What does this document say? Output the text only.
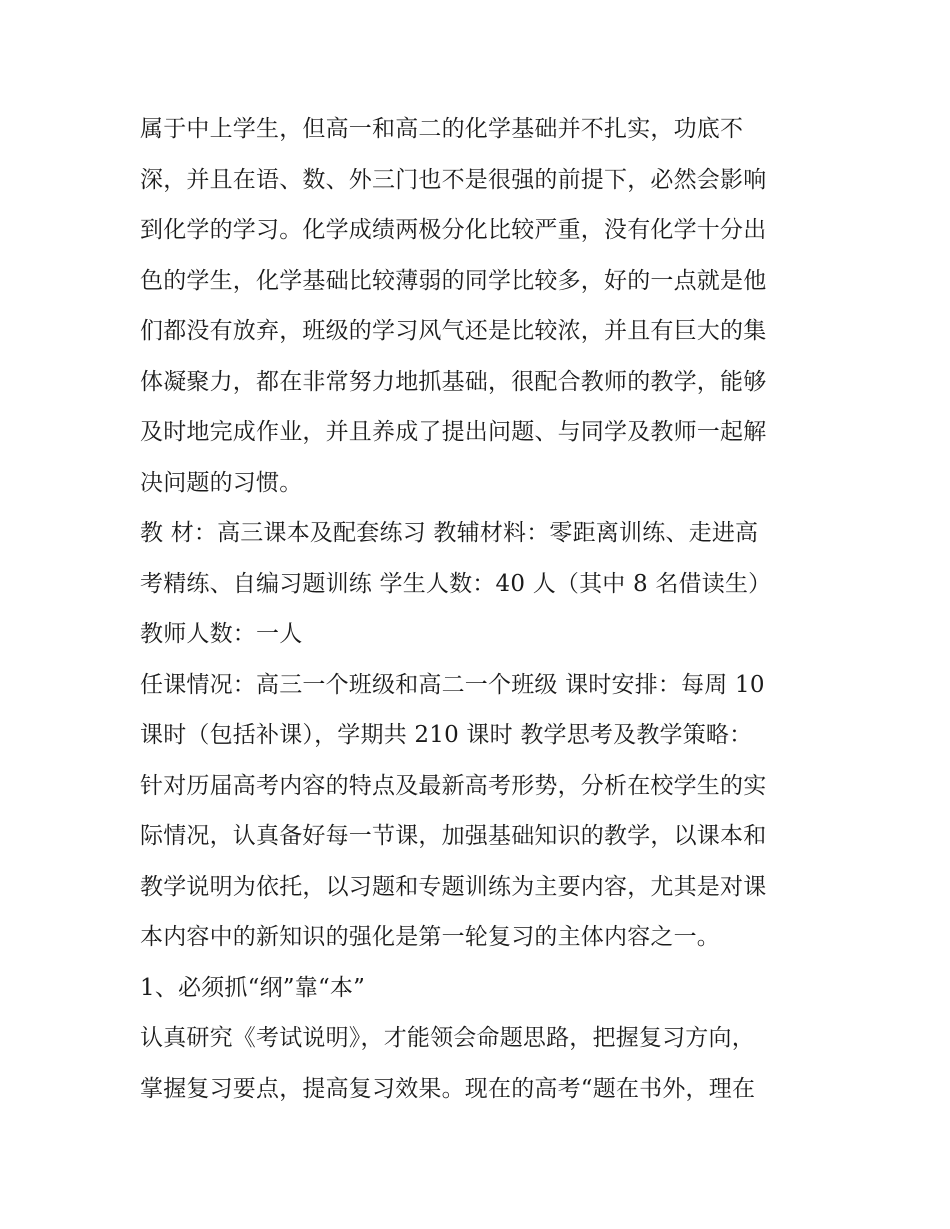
属于中上学生，但高一和高二的化学基础并不扎实，功底不
深，并且在语、数、外三门也不是很强的前提下，必然会影响
到化学的学习。化学成绩两极分化比较严重，没有化学十分出
色的学生，化学基础比较薄弱的同学比较多，好的一点就是他
们都没有放弃，班级的学习风气还是比较浓，并且有巨大的集
体凝聚力，都在非常努力地抓基础，很配合教师的教学，能够
及时地完成作业，并且养成了提出问题、与同学及教师一起解
决问题的习惯。
教 材：高三课本及配套练习 教辅材料：零距离训练、走进高
考精练、自编习题训练 学生人数：40 人（其中 8 名借读生）
教师人数：一人
任课情况：高三一个班级和高二一个班级 课时安排：每周 10
课时（包括补课），学期共 210 课时 教学思考及教学策略：
针对历届高考内容的特点及最新高考形势，分析在校学生的实
际情况，认真备好每一节课，加强基础知识的教学，以课本和
教学说明为依托，以习题和专题训练为主要内容，尤其是对课
本内容中的新知识的强化是第一轮复习的主体内容之一。
1、必须抓“纲”靠“本”
认真研究《考试说明》，才能领会命题思路，把握复习方向，
掌握复习要点，提高复习效果。现在的高考“题在书外，理在
